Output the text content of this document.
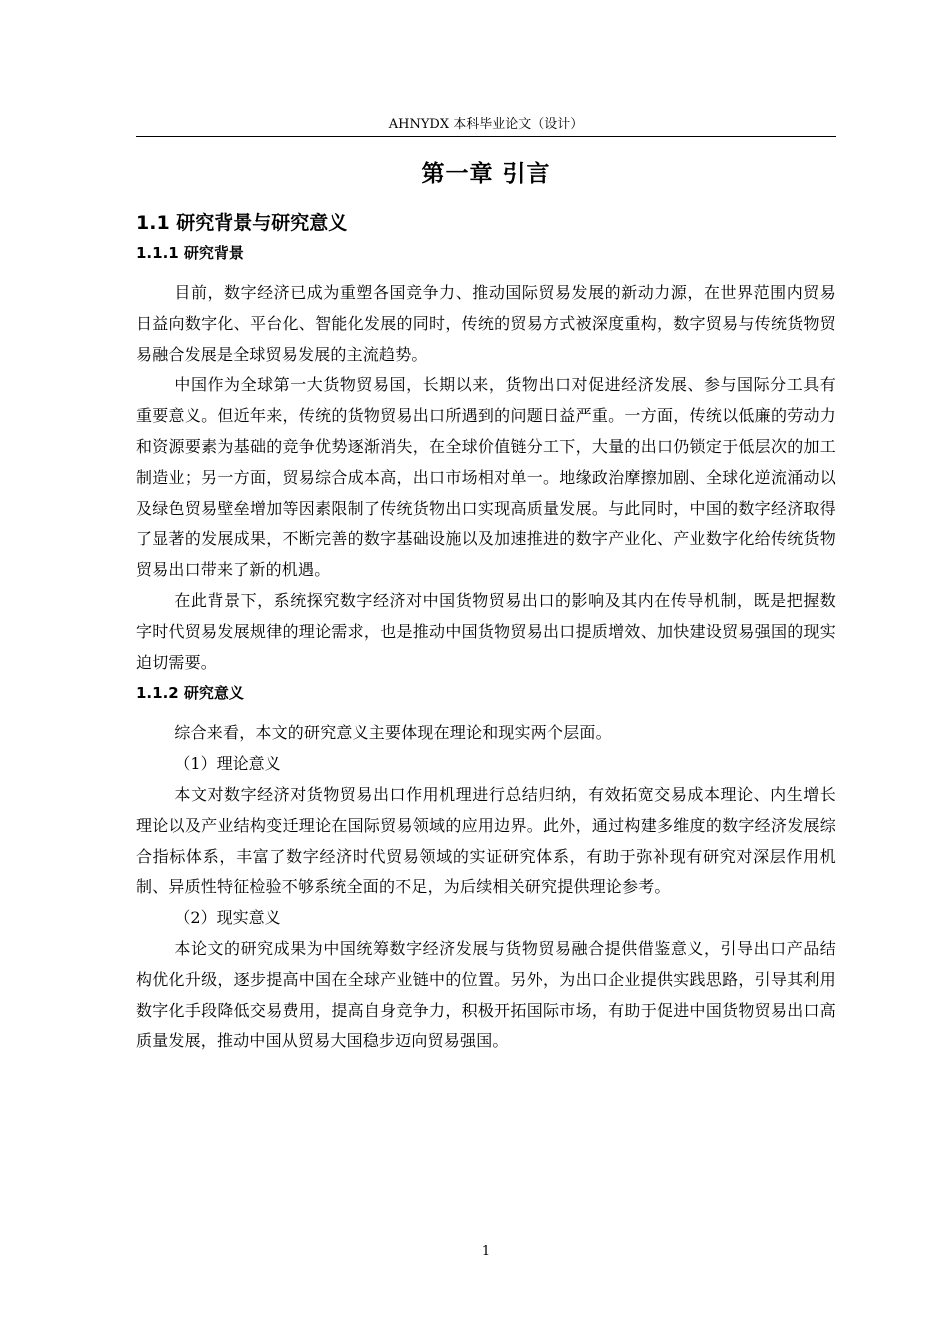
AHNYDX 本科毕业论文（设计）
第一章 引言
1.1 研究背景与研究意义
1.1.1 研究背景

目前，数字经济已成为重塑各国竞争力、推动国际贸易发展的新动力源，在世界范围内贸易日益向数字化、平台化、智能化发展的同时，传统的贸易方式被深度重构，数字贸易与传统货物贸易融合发展是全球贸易发展的主流趋势。

中国作为全球第一大货物贸易国，长期以来，货物出口对促进经济发展、参与国际分工具有重要意义。但近年来，传统的货物贸易出口所遇到的问题日益严重。一方面，传统以低廉的劳动力和资源要素为基础的竞争优势逐渐消失，在全球价值链分工下，大量的出口仍锁定于低层次的加工制造业；另一方面，贸易综合成本高，出口市场相对单一。地缘政治摩擦加剧、全球化逆流涌动以及绿色贸易壁垒增加等因素限制了传统货物出口实现高质量发展。与此同时，中国的数字经济取得了显著的发展成果，不断完善的数字基础设施以及加速推进的数字产业化、产业数字化给传统货物贸易出口带来了新的机遇。

在此背景下，系统探究数字经济对中国货物贸易出口的影响及其内在传导机制，既是把握数字时代贸易发展规律的理论需求，也是推动中国货物贸易出口提质增效、加快建设贸易强国的现实迫切需要。

1.1.2 研究意义

综合来看，本文的研究意义主要体现在理论和现实两个层面。

（1）理论意义

本文对数字经济对货物贸易出口作用机理进行总结归纳，有效拓宽交易成本理论、内生增长理论以及产业结构变迁理论在国际贸易领域的应用边界。此外，通过构建多维度的数字经济发展综合指标体系，丰富了数字经济时代贸易领域的实证研究体系，有助于弥补现有研究对深层作用机制、异质性特征检验不够系统全面的不足，为后续相关研究提供理论参考。

（2）现实意义

本论文的研究成果为中国统筹数字经济发展与货物贸易融合提供借鉴意义，引导出口产品结构优化升级，逐步提高中国在全球产业链中的位置。另外，为出口企业提供实践思路，引导其利用数字化手段降低交易费用，提高自身竞争力，积极开拓国际市场，有助于促进中国货物贸易出口高质量发展，推动中国从贸易大国稳步迈向贸易强国。

1
